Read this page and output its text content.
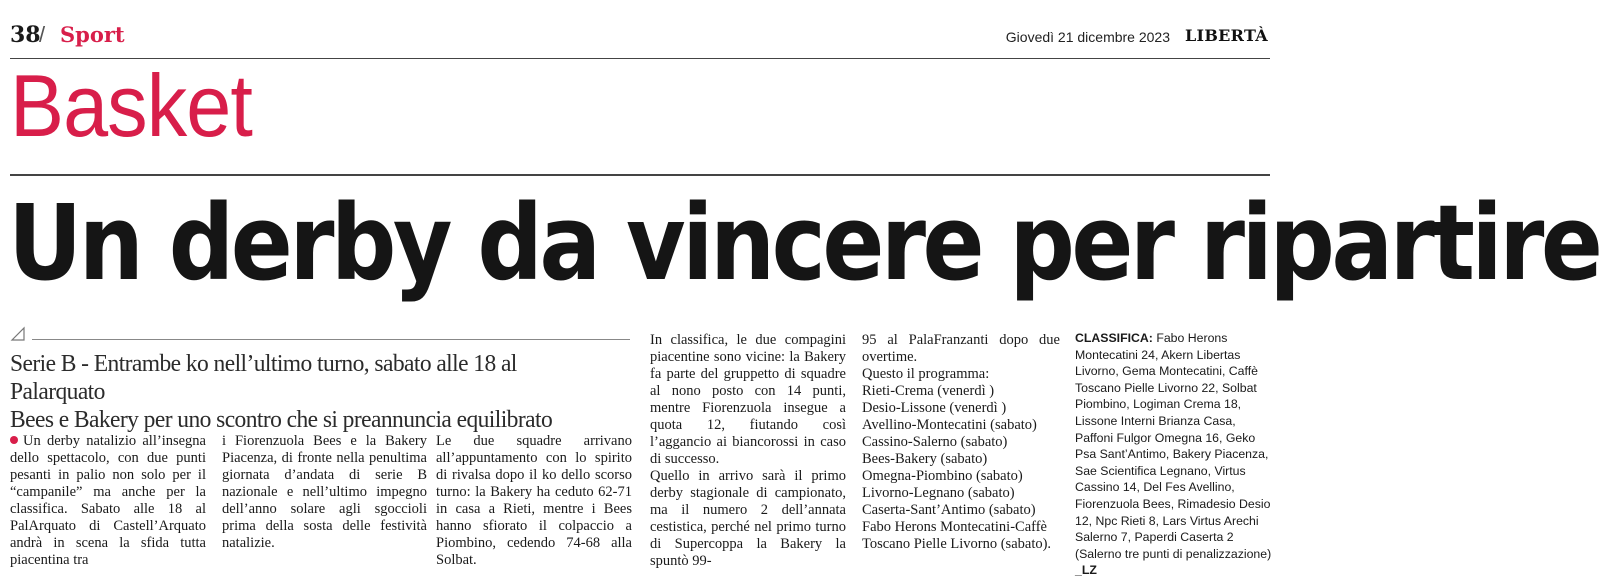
38
/ Sport	Giovedì 21 dicembre 2023 LIBERTÀ
Basket
Un derby da vincere per ripartire
Serie B - Entrambe ko nell’ultimo turno, sabato alle 18 al Palarquato
Bees e Bakery per uno scontro che si preannuncia equilibrato

Un derby natalizio all’insegna dello spettacolo, con due punti pesanti in palio non solo per il “campanile” ma anche per la classifica. Sabato alle 18 al PalArquato di Castell’Arquato andrà in scena la sfida tutta piacentina tra

i Fiorenzuola Bees e la Bakery Piacenza, di fronte nella penultima giornata d’andata di serie B nazionale e nell’ultimo impegno dell’anno solare agli sgoccioli prima della sosta delle festività natalizie.

Le due squadre arrivano all’appuntamento con lo spirito di rivalsa dopo il ko dello scorso turno: la Bakery ha ceduto 62-71 in casa a Rieti, mentre i Bees hanno sfiorato il colpaccio a Piombino, cedendo 74-68 alla Solbat.

In classifica, le due compagini piacentine sono vicine: la Bakery fa parte del gruppetto di squadre al nono posto con 14 punti, mentre Fiorenzuola insegue a quota 12, fiutando così l’aggancio ai biancorossi in caso di successo.

Quello in arrivo sarà il primo derby stagionale di campionato, ma il numero 2 dell’annata cestistica, perché nel primo turno di Supercoppa la Bakery la spuntò 99-

95 al PalaFranzanti dopo due overtime.

Questo il programma:

Rieti-Crema (venerdì )
Desio-Lissone (venerdì )
Avellino-Montecatini (sabato)
Cassino-Salerno (sabato)
Bees-Bakery (sabato)
Omegna-Piombino (sabato)
Livorno-Legnano (sabato)
Caserta-Sant’Antimo (sabato)
Fabo Herons Montecatini-Caffè Toscano Pielle Livorno (sabato).
CLASSIFICA: Fabo Herons Montecatini 24, Akern Libertas Livorno, Gema Montecatini, Caffè Toscano Pielle Livorno 22, Solbat Piombino, Logiman Crema 18, Lissone Interni Brianza Casa, Paffoni Fulgor Omegna 16, Geko Psa Sant’Antimo, Bakery Piacenza, Sae Scientifica Legnano, Virtus Cassino 14, Del Fes Avellino, Fiorenzuola Bees, Rimadesio Desio 12, Npc Rieti 8, Lars Virtus Arechi Salerno 7, Paperdi Caserta 2 (Salerno tre punti di penalizzazione) _LZ
